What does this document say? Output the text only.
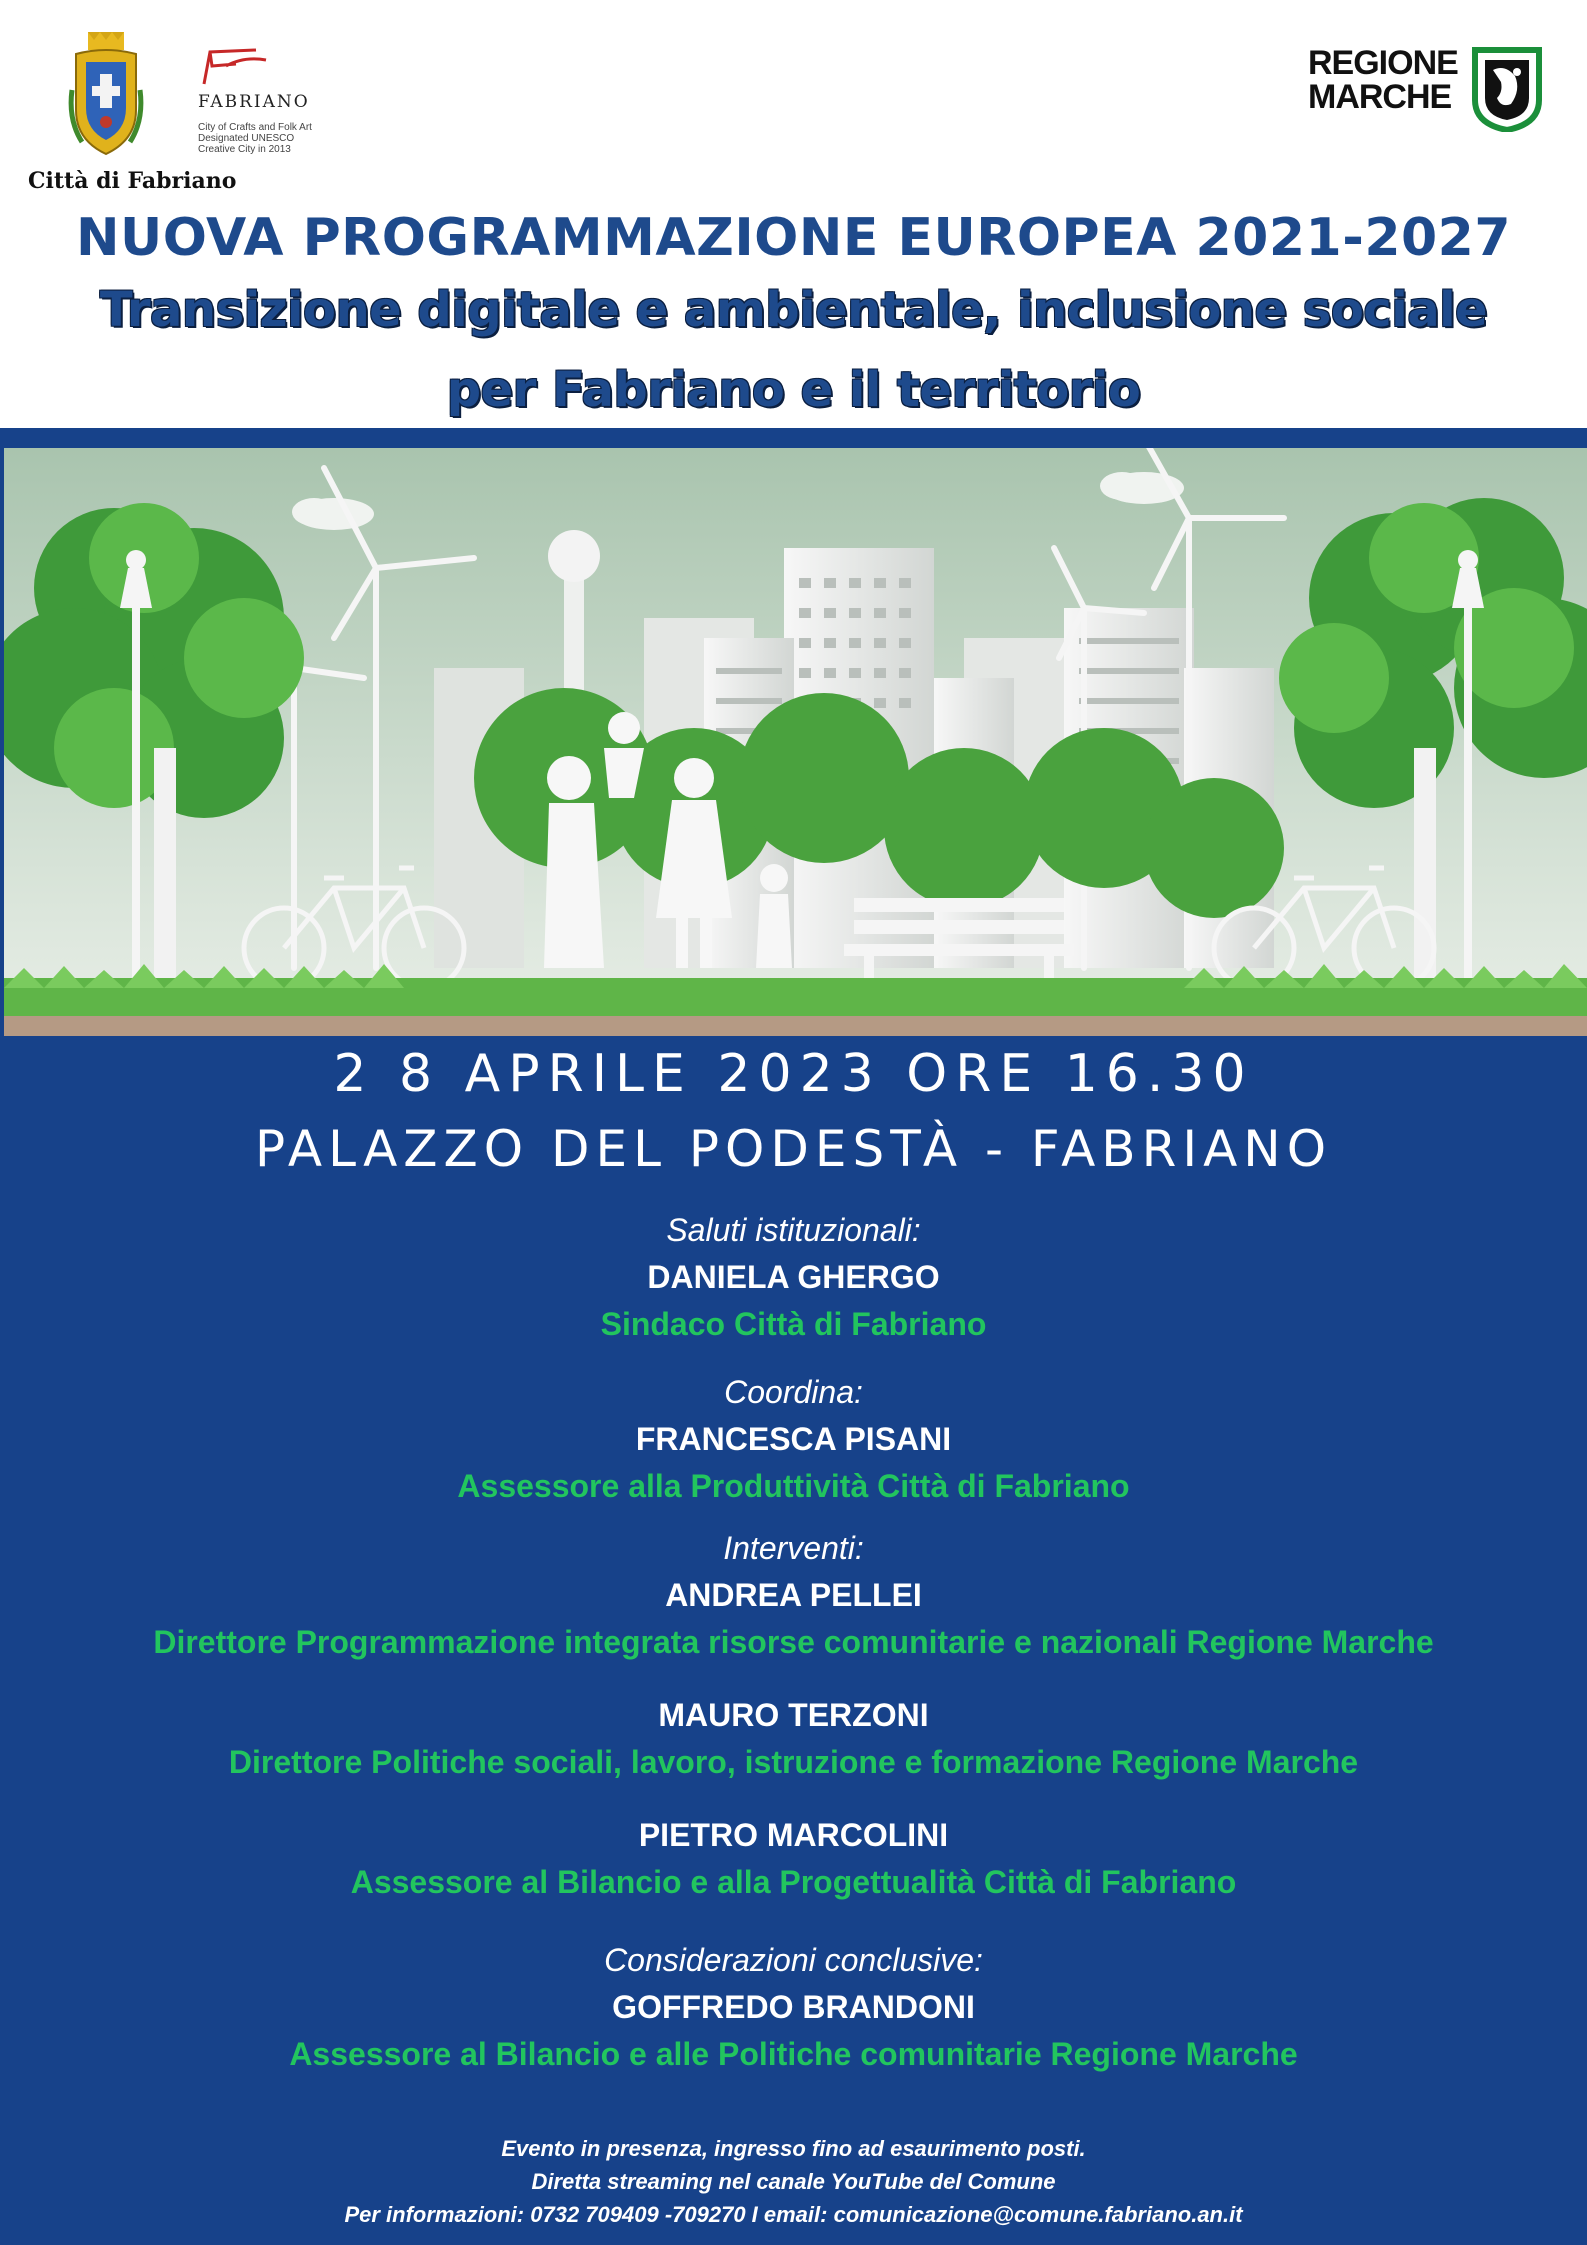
Città di Fabriano
FABRIANO
City of Crafts and Folk Art
Designated UNESCO
Creative City in 2013
REGIONE
MARCHE

NUOVA PROGRAMMAZIONE EUROPEA 2021-2027
Transizione digitale e ambientale, inclusione sociale
per Fabriano e il territorio
2 8 APRILE 2023 ORE 16.30
PALAZZO DEL PODESTÀ - FABRIANO
Saluti istituzionali:
DANIELA GHERGO
Sindaco Città di Fabriano
Coordina:
FRANCESCA PISANI
Assessore alla Produttività Città di Fabriano
Interventi:
ANDREA PELLEI
Direttore Programmazione integrata risorse comunitarie e nazionali Regione Marche
MAURO TERZONI
Direttore Politiche sociali, lavoro, istruzione e formazione Regione Marche
PIETRO MARCOLINI
Assessore al Bilancio e alla Progettualità Città di Fabriano
Considerazioni conclusive:
GOFFREDO BRANDONI
Assessore al Bilancio e alle Politiche comunitarie Regione Marche
Evento in presenza, ingresso fino ad esaurimento posti.
Diretta streaming nel canale YouTube del Comune
Per informazioni: 0732 709409 -709270 I email: comunicazione@comune.fabriano.an.it
